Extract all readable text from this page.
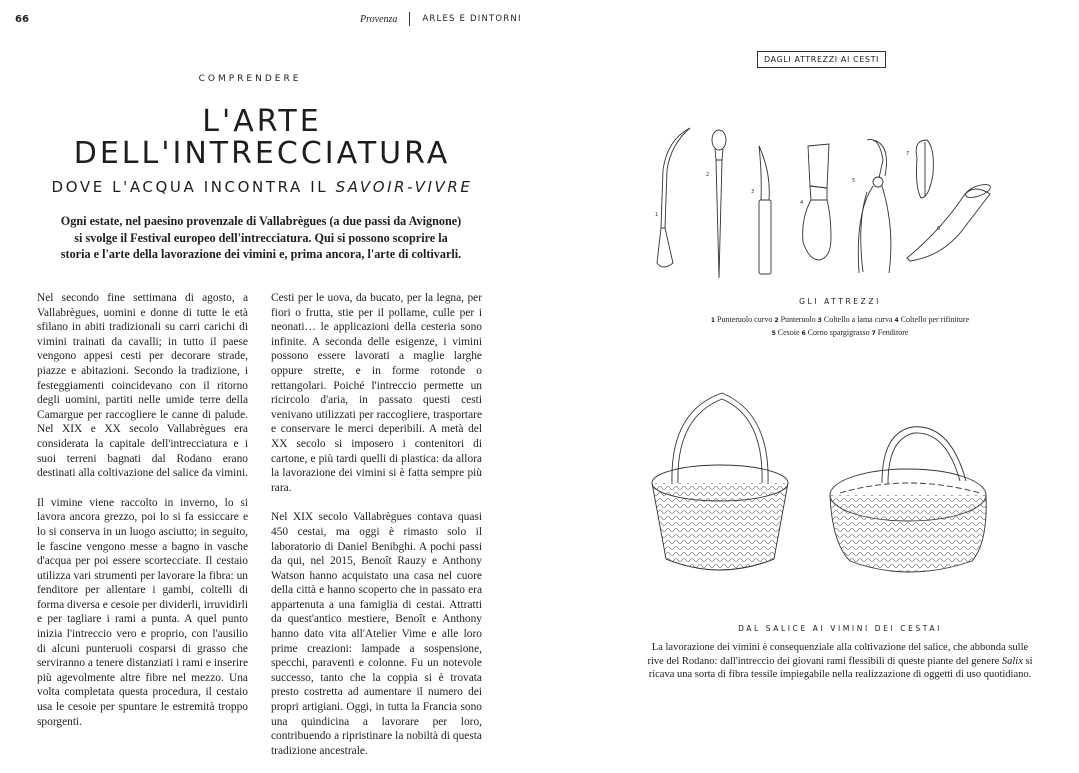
66	Provenza	ARLES E DINTORNI
COMPRENDERE
L'ARTE
DELL'INTRECCIATURA
DOVE L'ACQUA INCONTRA IL SAVOIR-VIVRE
Ogni estate, nel paesino provenzale di Vallabrègues (a due passi da Avignone) si svolge il Festival europeo dell'intrecciatura. Qui si possono scoprire la storia e l'arte della lavorazione dei vimini e, prima ancora, l'arte di coltivarli.

Nel secondo fine settimana di agosto, a Vallabrègues, uomini e donne di tutte le età sfilano in abiti tradizionali su carri carichi di vimini trainati da cavalli; in tutto il paese vengono appesi cesti per decorare strade, piazze e abitazioni. Secondo la tradizione, i festeggiamenti coincidevano con il ritorno degli uomini, partiti nelle umide terre della Camargue per raccogliere le canne di palude. Nel XIX e XX secolo Vallabrègues era considerata la capitale dell'intrecciatura e i suoi terreni bagnati dal Rodano erano destinati alla coltivazione del salice da vimini.

Il vimine viene raccolto in inverno, lo si lavora ancora grezzo, poi lo si fa essiccare e lo si conserva in un luogo asciutto; in seguito, le fascine vengono messe a bagno in vasche d'acqua per poi essere scortecciate. Il cestaio utilizza vari strumenti per lavorare la fibra: un fenditore per allentare i gambi, coltelli di forma diversa e cesoie per dividerli, irruvidirli e per tagliare i rami a punta. A quel punto inizia l'intreccio vero e proprio, con l'ausilio di alcuni punteruoli cosparsi di grasso che serviranno a tenere distanziati i rami e inserire più agevolmente altre fibre nel mezzo. Una volta completata questa procedura, il cestaio usa le cesoie per spuntare le estremità troppo sporgenti.

Cesti per le uova, da bucato, per la legna, per fiori o frutta, stie per il pollame, culle per i neonati… le applicazioni della cesteria sono infinite. A seconda delle esigenze, i vimini possono essere lavorati a maglie larghe oppure strette, e in forme rotonde o rettangolari. Poiché l'intreccio permette un ricircolo d'aria, in passato questi cesti venivano utilizzati per raccogliere, trasportare e conservare le merci deperibili. A metà del XX secolo si imposero i contenitori di cartone, e più tardi quelli di plastica: da allora la lavorazione dei vimini si è fatta sempre più rara.

Nel XIX secolo Vallabrègues contava quasi 450 cestai, ma oggi è rimasto solo il laboratorio di Daniel Benibghi. A pochi passi da qui, nel 2015, Benoît Rauzy e Anthony Watson hanno acquistato una casa nel cuore della città e hanno scoperto che in passato era appartenuta a una famiglia di cestai. Attratti da quest'antico mestiere, Benoît e Anthony hanno dato vita all'Atelier Vime e alle loro prime creazioni: lampade a sospensione, specchi, paraventi e colonne. Fu un notevole successo, tanto che la coppia si è trovata presto costretta ad aumentare il numero dei propri artigiani. Oggi, in tutta la Francia sono una quindicina a lavorare per loro, contribuendo a ripristinare la nobiltà di questa tradizione ancestrale.

DAGLI ATTREZZI AI CESTI
1
2
3
4
5
6
7
GLI ATTREZZI
1 Punteruolo curvo 2 Punteruolo 3 Coltello a lama curva 4 Coltello per rifiniture
5 Cesoie 6 Corno spargigrasso 7 Fenditore
DAL SALICE AI VIMINI DEI CESTAI
La lavorazione dei vimini è consequenziale alla coltivazione del salice, che abbonda sulle rive del Rodano: dall'intreccio dei giovani rami flessibili di queste piante del genere Salix si ricava una sorta di fibra tessile impiegabile nella realizzazione di oggetti di uso quotidiano.
